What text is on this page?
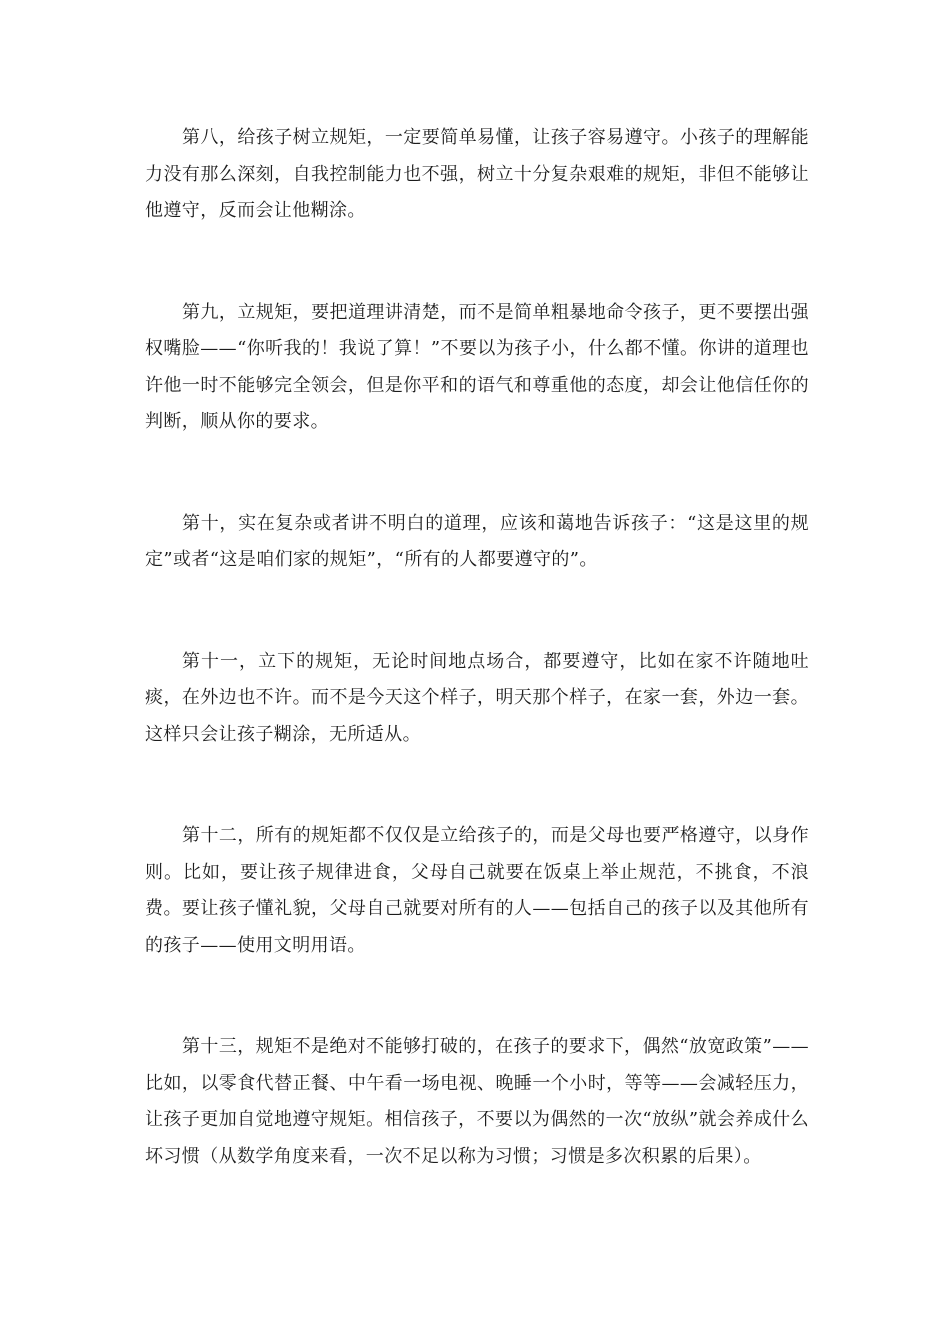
第八，给孩子树立规矩，一定要简单易懂，让孩子容易遵守。小孩子的理解能力没有那么深刻，自我控制能力也不强，树立十分复杂艰难的规矩，非但不能够让他遵守，反而会让他糊涂。

第九，立规矩，要把道理讲清楚，而不是简单粗暴地命令孩子，更不要摆出强权嘴脸——“你听我的！我说了算！”不要以为孩子小，什么都不懂。你讲的道理也许他一时不能够完全领会，但是你平和的语气和尊重他的态度，却会让他信任你的判断，顺从你的要求。

第十，实在复杂或者讲不明白的道理，应该和蔼地告诉孩子：“这是这里的规定”或者“这是咱们家的规矩”，“所有的人都要遵守的”。

第十一，立下的规矩，无论时间地点场合，都要遵守，比如在家不许随地吐痰，在外边也不许。而不是今天这个样子，明天那个样子，在家一套，外边一套。这样只会让孩子糊涂，无所适从。

第十二，所有的规矩都不仅仅是立给孩子的，而是父母也要严格遵守，以身作则。比如，要让孩子规律进食，父母自己就要在饭桌上举止规范，不挑食，不浪费。要让孩子懂礼貌，父母自己就要对所有的人——包括自己的孩子以及其他所有的孩子——使用文明用语。

第十三，规矩不是绝对不能够打破的，在孩子的要求下，偶然“放宽政策”——比如，以零食代替正餐、中午看一场电视、晚睡一个小时，等等——会减轻压力，让孩子更加自觉地遵守规矩。相信孩子，不要以为偶然的一次“放纵”就会养成什么坏习惯（从数学角度来看，一次不足以称为习惯；习惯是多次积累的后果）。
